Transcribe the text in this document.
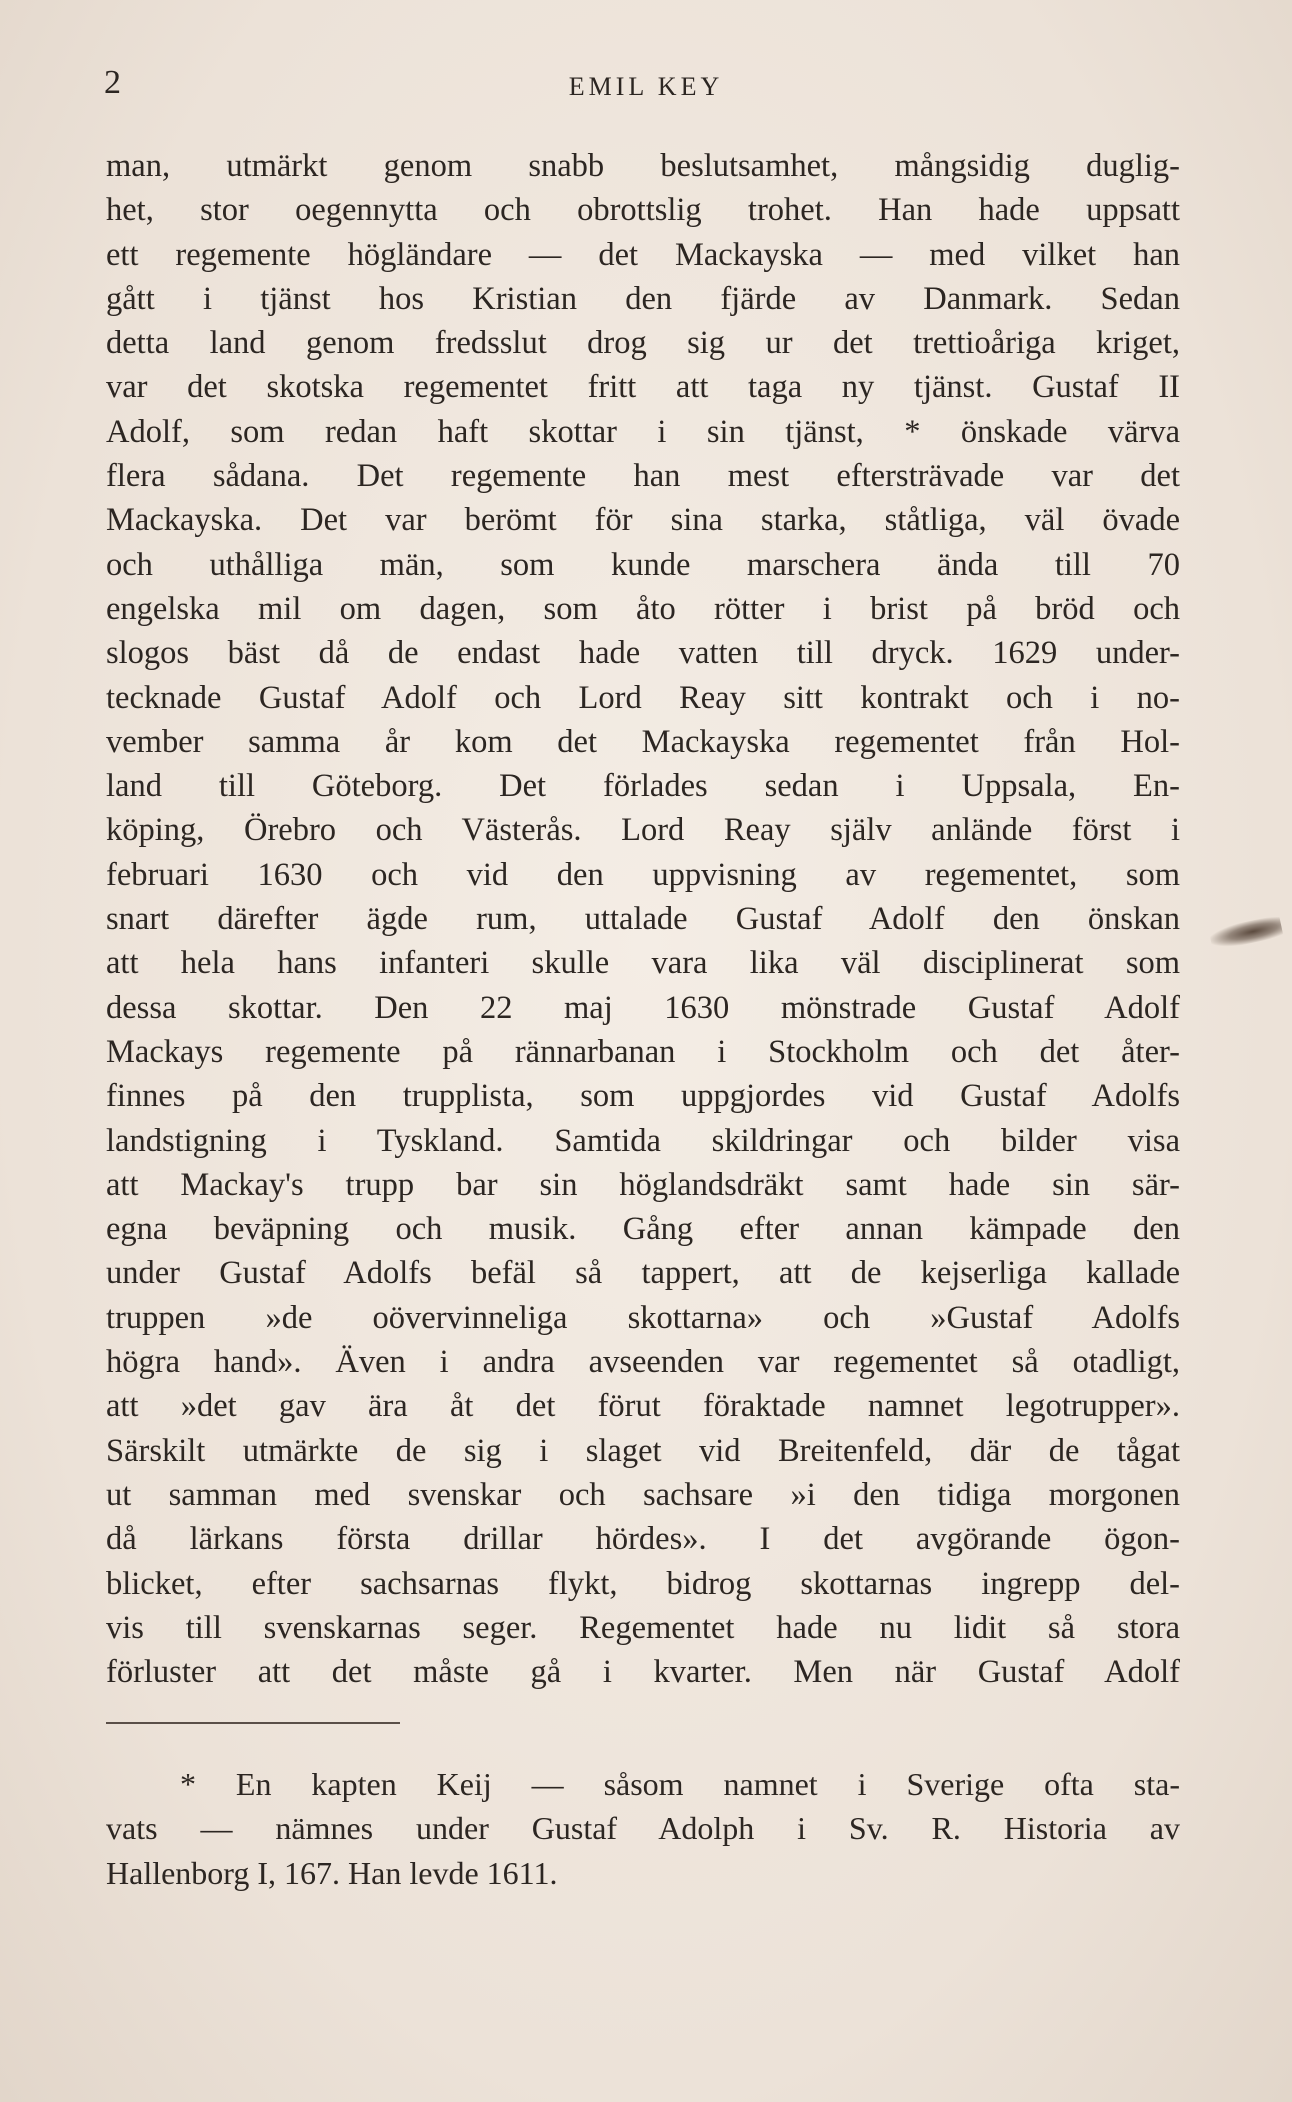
2	EMIL KEY
man, utmärkt genom snabb beslutsamhet, mångsidig duglig-
het, stor oegennytta och obrottslig trohet. Han hade uppsatt
ett regemente högländare — det Mackayska — med vilket han
gått i tjänst hos Kristian den fjärde av Danmark. Sedan
detta land genom fredsslut drog sig ur det trettioåriga kriget,
var det skotska regementet fritt att taga ny tjänst. Gustaf II
Adolf, som redan haft skottar i sin tjänst, * önskade värva
flera sådana. Det regemente han mest eftersträvade var det
Mackayska. Det var berömt för sina starka, ståtliga, väl övade
och uthålliga män, som kunde marschera ända till 70
engelska mil om dagen, som åto rötter i brist på bröd och
slogos bäst då de endast hade vatten till dryck. 1629 under-
tecknade Gustaf Adolf och Lord Reay sitt kontrakt och i no-
vember samma år kom det Mackayska regementet från Hol-
land till Göteborg. Det förlades sedan i Uppsala, En-
köping, Örebro och Västerås. Lord Reay själv anlände först i
februari 1630 och vid den uppvisning av regementet, som
snart därefter ägde rum, uttalade Gustaf Adolf den önskan
att hela hans infanteri skulle vara lika väl disciplinerat som
dessa skottar. Den 22 maj 1630 mönstrade Gustaf Adolf
Mackays regemente på rännarbanan i Stockholm och det åter-
finnes på den trupplista, som uppgjordes vid Gustaf Adolfs
landstigning i Tyskland. Samtida skildringar och bilder visa
att Mackay's trupp bar sin höglandsdräkt samt hade sin sär-
egna beväpning och musik. Gång efter annan kämpade den
under Gustaf Adolfs befäl så tappert, att de kejserliga kallade
truppen »de oövervinneliga skottarna» och »Gustaf Adolfs
högra hand». Även i andra avseenden var regementet så otadligt,
att »det gav ära åt det förut föraktade namnet legotrupper».
Särskilt utmärkte de sig i slaget vid Breitenfeld, där de tågat
ut samman med svenskar och sachsare »i den tidiga morgonen
då lärkans första drillar hördes». I det avgörande ögon-
blicket, efter sachsarnas flykt, bidrog skottarnas ingrepp del-
vis till svenskarnas seger. Regementet hade nu lidit så stora
förluster att det måste gå i kvarter. Men när Gustaf Adolf
* En kapten Keij — såsom namnet i Sverige ofta sta-
vats — nämnes under Gustaf Adolph i Sv. R. Historia av
Hallenborg I, 167. Han levde 1611.
